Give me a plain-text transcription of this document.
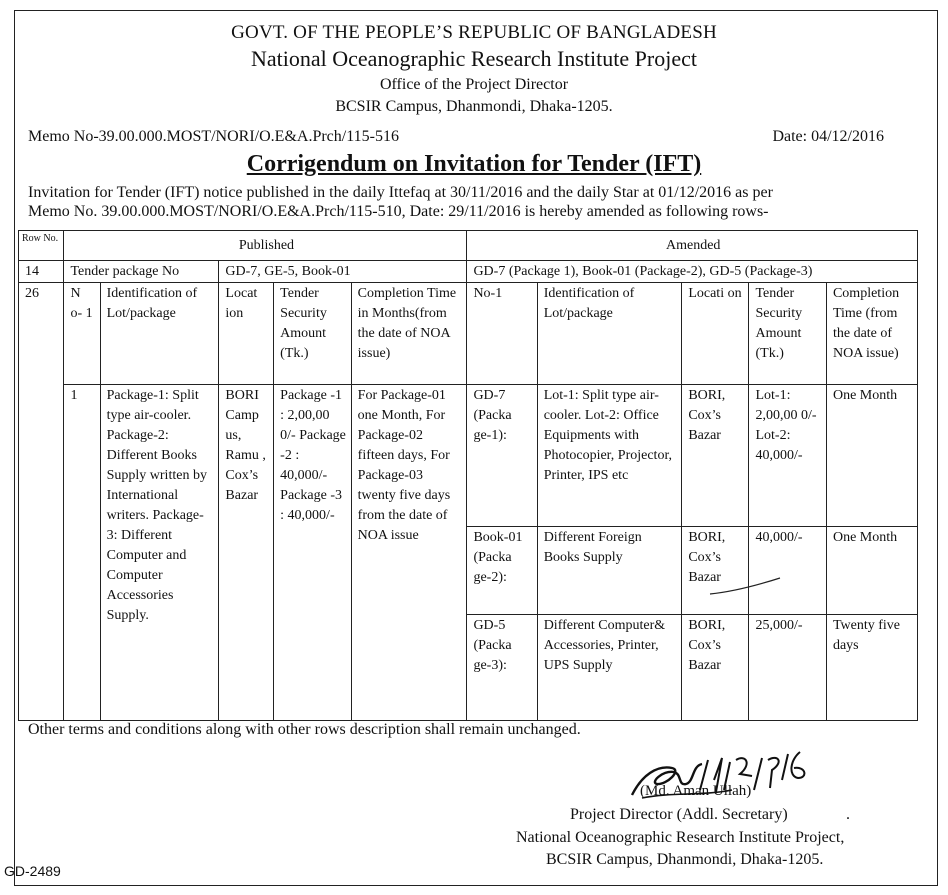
GOVT. OF THE PEOPLE’S REPUBLIC OF BANGLADESH
National Oceanographic Research Institute Project
Office of the Project Director
BCSIR Campus, Dhanmondi, Dhaka-1205.
Memo No-39.00.000.MOST/NORI/O.E&A.Prch/115-516	Date: 04/12/2016
Corrigendum on Invitation for Tender (IFT)
Invitation for Tender (IFT) notice published in the daily Ittefaq at 30/11/2016 and the daily Star at 01/12/2016 as per
Memo No. 39.00.000.MOST/NORI/O.E&A.Prch/115-510, Date: 29/11/2016 is hereby amended as following rows-
Row No.	Published					Amended				
14	Tender package No		GD-7, GE-5, Book-01			GD-7 (Package 1), Book-01 (Package-2), GD-5 (Package-3)				
26	N o- 1	Identification of Lot/package	Locat ion	Tender Security Amount (Tk.)	Completion Time in Months(from the date of NOA issue)	No-1	Identification of Lot/package	Locati on	Tender Security Amount (Tk.)	Completion Time (from the date of NOA issue)
	1	Package-1: Split type air-cooler. Package-2: Different Books Supply written by International writers. Package-3: Different Computer and Computer Accessories Supply.	BORI Camp us, Ramu , Cox’s Bazar	Package -1 : 2,00,00 0/- Package -2 : 40,000/- Package -3 : 40,000/-	For Package-01 one Month, For Package-02 fifteen days, For Package-03 twenty five days from the date of NOA issue	GD-7 (Packa ge-1):	Lot-1: Split type air-cooler. Lot-2: Office Equipments with Photocopier, Projector, Printer, IPS etc	BORI, Cox’s Bazar	Lot-1: 2,00,00 0/- Lot-2: 40,000/-	One Month
						Book-01 (Packa ge-2):	Different Foreign Books Supply	BORI, Cox’s Bazar	40,000/-	One Month
						GD-5 (Packa ge-3):	Different Computer& Accessories, Printer, UPS Supply	BORI, Cox’s Bazar	25,000/-	Twenty five days
Other terms and conditions along with other rows description shall remain unchanged.
(Md. Aman Ullah)
Project Director (Addl. Secretary)	.
National Oceanographic Research Institute Project,
BCSIR Campus, Dhanmondi, Dhaka-1205.
GD-2489
